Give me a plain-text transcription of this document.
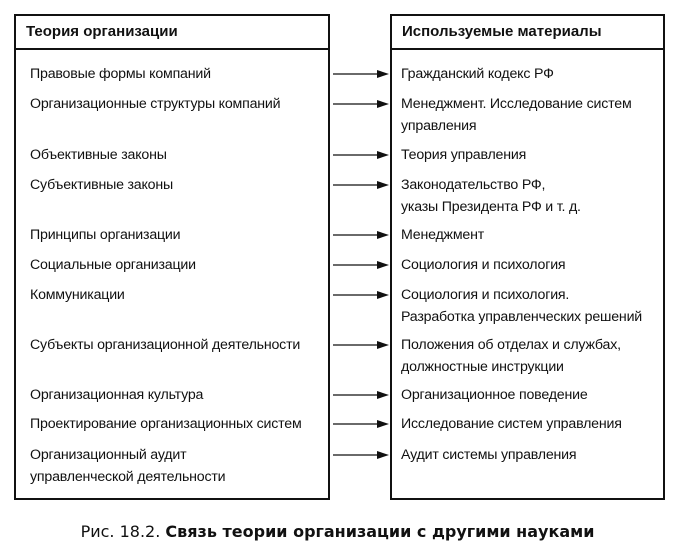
Теория организации	Используемые материалы
Правовые формы компаний
Организационные структуры компаний
Объективные законы
Субъективные законы
Принципы организации
Социальные организации
Коммуникации
Субъекты организационной деятельности
Организационная культура
Проектирование организационных систем
Организационный аудит
управленческой деятельности
Гражданский кодекс РФ
Менеджмент. Исследование систем
управления
Теория управления
Законодательство РФ,
указы Президента РФ и т. д.
Менеджмент
Социология и психология
Социология и психология.
Разработка управленческих решений
Положения об отделах и службах,
должностные инструкции
Организационное поведение
Исследование систем управления
Аудит системы управления
Рис. 18.2. Связь теории организации с другими науками
